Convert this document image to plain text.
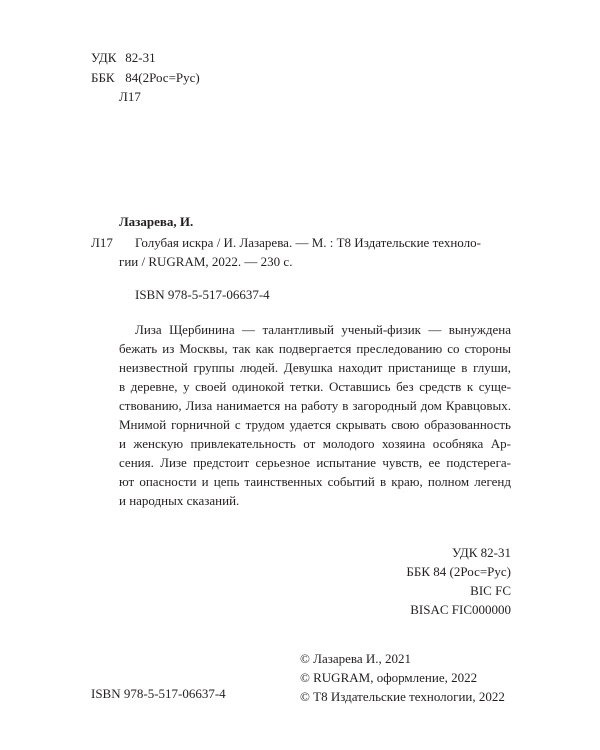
УДК 82-31
ББК 84(2Рос=Рус)
Л17
Лазарева, И.
Л17 Голубая искра / И. Лазарева. — М. : Т8 Издательские техноло-
гии / RUGRAM, 2022. — 230 с.
ISBN 978-5-517-06637-4
Лиза Щербинина — талантливый ученый-физик — вынуждена
бежать из Москвы, так как подвергается преследованию со стороны
неизвестной группы людей. Девушка находит пристанище в глуши,
в деревне, у своей одинокой тетки. Оставшись без средств к суще-
ствованию, Лиза нанимается на работу в загородный дом Кравцовых.
Мнимой горничной с трудом удается скрывать свою образованность
и женскую привлекательность от молодого хозяина особняка Ар-
сения. Лизе предстоит серьезное испытание чувств, ее подстерега-
ют опасности и цепь таинственных событий в краю, полном легенд
и народных сказаний.
УДК 82-31
ББК 84 (2Рос=Рус)
BIC FC
BISAC FIC000000
ISBN 978-5-517-06637-4
© Лазарева И., 2021
© RUGRAM, оформление, 2022
© Т8 Издательские технологии, 2022
